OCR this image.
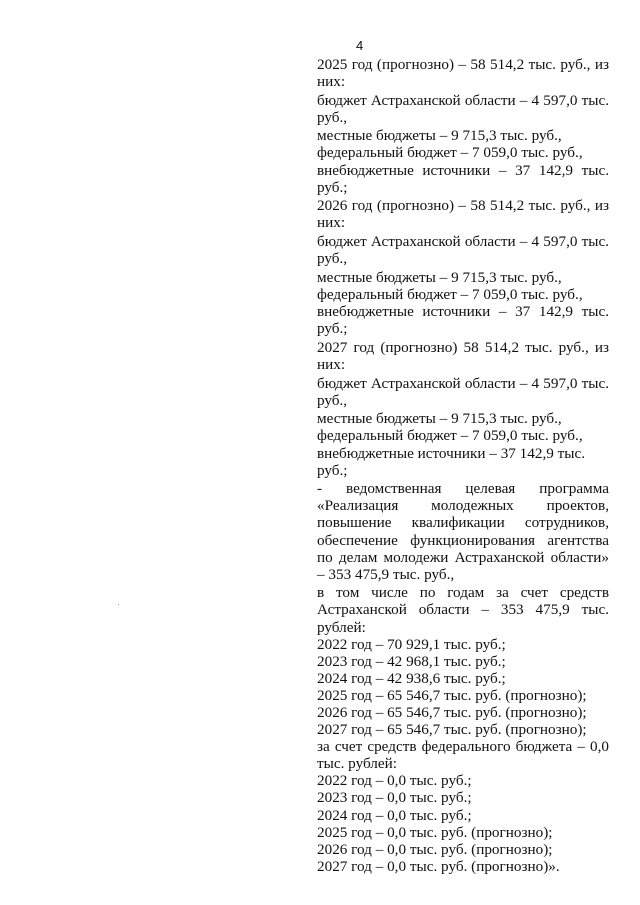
4

2025 год (прогнозно) – 58 514,2 тыс. руб., из них:

бюджет Астраханской области – 4 597,0 тыс. руб.,

местные бюджеты – 9 715,3 тыс. руб.,

федеральный бюджет – 7 059,0 тыс. руб.,

внебюджетные источники – 37 142,9 тыс. руб.;

2026 год (прогнозно) – 58 514,2 тыс. руб., из них:

бюджет Астраханской области – 4 597,0 тыс. руб.,

местные бюджеты – 9 715,3 тыс. руб.,

федеральный бюджет – 7 059,0 тыс. руб.,

внебюджетные источники – 37 142,9 тыс. руб.;

2027 год (прогнозно) 58 514,2 тыс. руб., из них:

бюджет Астраханской области – 4 597,0 тыс. руб.,

местные бюджеты – 9 715,3 тыс. руб.,

федеральный бюджет – 7 059,0 тыс. руб.,

внебюджетные источники – 37 142,9 тыс. руб.;

- ведомственная целевая программа «Реализация молодежных проектов, повышение квалификации сотрудников, обеспечение функционирования агентства по делам молодежи Астраханской области» – 353 475,9 тыс. руб.,

в том числе по годам за счет средств Астраханской области – 353 475,9 тыс. рублей:

2022 год – 70 929,1 тыс. руб.;

2023 год – 42 968,1 тыс. руб.;

2024 год – 42 938,6 тыс. руб.;

2025 год – 65 546,7 тыс. руб. (прогнозно);

2026 год – 65 546,7 тыс. руб. (прогнозно);

2027 год – 65 546,7 тыс. руб. (прогнозно);

за счет средств федерального бюджета – 0,0 тыс. рублей:

2022 год – 0,0 тыс. руб.;

2023 год – 0,0 тыс. руб.;

2024 год – 0,0 тыс. руб.;

2025 год – 0,0 тыс. руб. (прогнозно);

2026 год – 0,0 тыс. руб. (прогнозно);

2027 год – 0,0 тыс. руб. (прогнозно)».
